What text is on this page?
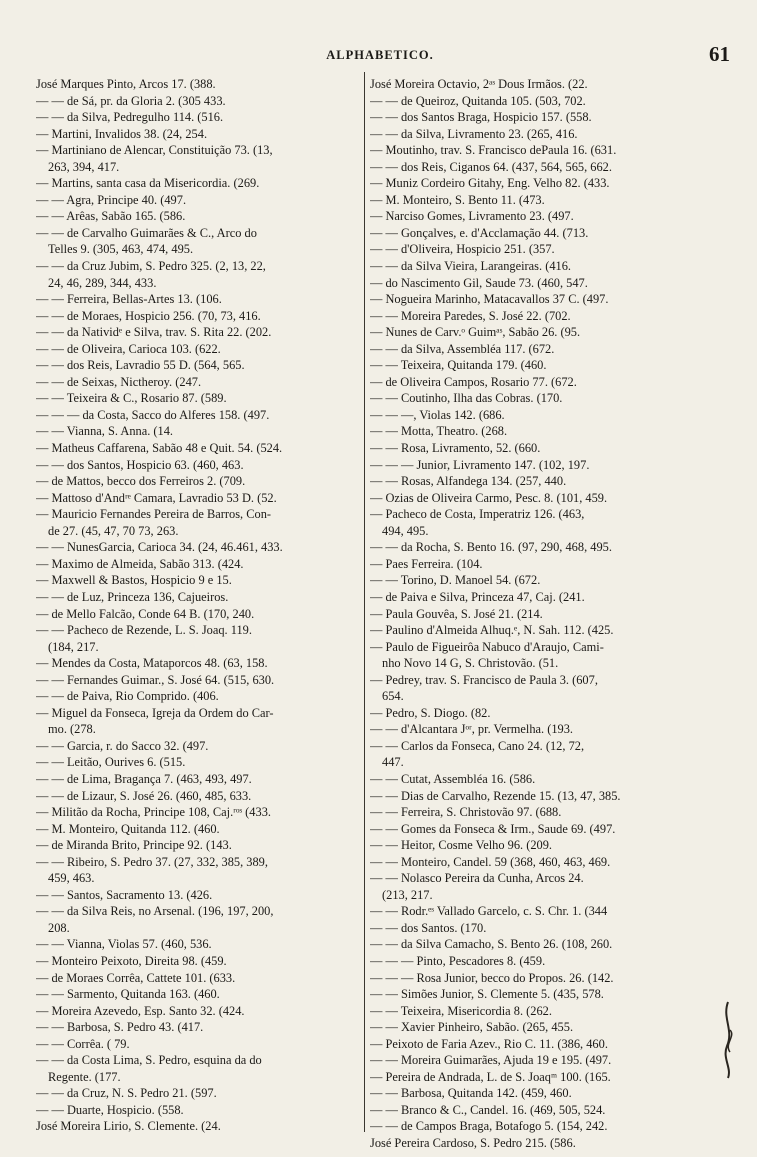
ALPHABETICO.	61
José Marques Pinto, Arcos 17. (388.
— — de Sá, pr. da Gloria 2. (305 433.
— — da Silva, Pedregulho 114. (516.
— Martini, Invalidos 38. (24, 254.
— Martiniano de Alencar, Constituição 73. (13,
263, 394, 417.
— Martins, santa casa da Misericordia. (269.
— — Agra, Principe 40. (497.
— — Arêas, Sabão 165. (586.
— — de Carvalho Guimarães & C., Arco do
Telles 9. (305, 463, 474, 495.
— — da Cruz Jubim, S. Pedro 325. (2, 13, 22,
24, 46, 289, 344, 433.
— — Ferreira, Bellas-Artes 13. (106.
— — de Moraes, Hospicio 256. (70, 73, 416.
— — da Natividᵉ e Silva, trav. S. Rita 22. (202.
— — de Oliveira, Carioca 103. (622.
— — dos Reis, Lavradio 55 D. (564, 565.
— — de Seixas, Nictheroy. (247.
— — Teixeira & C., Rosario 87. (589.
— — — da Costa, Sacco do Alferes 158. (497.
— — Vianna, S. Anna. (14.
— Matheus Caffarena, Sabão 48 e Quit. 54. (524.
— — dos Santos, Hospicio 63. (460, 463.
— de Mattos, becco dos Ferreiros 2. (709.
— Mattoso d'Andʳᵉ Camara, Lavradio 53 D. (52.
— Mauricio Fernandes Pereira de Barros, Con-
de 27. (45, 47, 70 73, 263.
— — NunesGarcia, Carioca 34. (24, 46.461, 433.
— Maximo de Almeida, Sabão 313. (424.
— Maxwell & Bastos, Hospicio 9 e 15.
— — de Luz, Princeza 136, Cajueiros.
— de Mello Falcão, Conde 64 B. (170, 240.
— — Pacheco de Rezende, L. S. Joaq. 119.
(184, 217.
— Mendes da Costa, Mataporcos 48. (63, 158.
— — Fernandes Guimar., S. José 64. (515, 630.
— — de Paiva, Rio Comprido. (406.
— Miguel da Fonseca, Igreja da Ordem do Car-
mo. (278.
— — Garcia, r. do Sacco 32. (497.
— — Leitão, Ourives 6. (515.
— — de Lima, Bragança 7. (463, 493, 497.
— — de Lizaur, S. José 26. (460, 485, 633.
— Militão da Rocha, Principe 108, Caj.ʳᵒˢ (433.
— M. Monteiro, Quitanda 112. (460.
— de Miranda Brito, Principe 92. (143.
— — Ribeiro, S. Pedro 37. (27, 332, 385, 389,
459, 463.
— — Santos, Sacramento 13. (426.
— — da Silva Reis, no Arsenal. (196, 197, 200,
208.
— — Vianna, Violas 57. (460, 536.
— Monteiro Peixoto, Direita 98. (459.
— de Moraes Corrêa, Cattete 101. (633.
— — Sarmento, Quitanda 163. (460.
— Moreira Azevedo, Esp. Santo 32. (424.
— — Barbosa, S. Pedro 43. (417.
— — Corrêa. ( 79.
— — da Costa Lima, S. Pedro, esquina da do
Regente. (177.
— — da Cruz, N. S. Pedro 21. (597.
— — Duarte, Hospicio. (558.
José Moreira Lirio, S. Clemente. (24.
José Moreira Octavio, 2ᵃˢ Dous Irmãos. (22.
— — de Queiroz, Quitanda 105. (503, 702.
— — dos Santos Braga, Hospicio 157. (558.
— — da Silva, Livramento 23. (265, 416.
— Moutinho, trav. S. Francisco dePaula 16. (631.
— — dos Reis, Ciganos 64. (437, 564, 565, 662.
— Muniz Cordeiro Gitahy, Eng. Velho 82. (433.
— M. Monteiro, S. Bento 11. (473.
— Narciso Gomes, Livramento 23. (497.
— — Gonçalves, e. d'Acclamação 44. (713.
— — d'Oliveira, Hospicio 251. (357.
— — da Silva Vieira, Larangeiras. (416.
— do Nascimento Gil, Saude 73. (460, 547.
— Nogueira Marinho, Matacavallos 37 C. (497.
— — Moreira Paredes, S. José 22. (702.
— Nunes de Carv.ᵒ Guimᵃˢ, Sabão 26. (95.
— — da Silva, Assembléa 117. (672.
— — Teixeira, Quitanda 179. (460.
— de Oliveira Campos, Rosario 77. (672.
— — Coutinho, Ilha das Cobras. (170.
— — —, Violas 142. (686.
— — Motta, Theatro. (268.
— — Rosa, Livramento, 52. (660.
— — — Junior, Livramento 147. (102, 197.
— — Rosas, Alfandega 134. (257, 440.
— Ozias de Oliveira Carmo, Pesc. 8. (101, 459.
— Pacheco de Costa, Imperatriz 126. (463,
494, 495.
— — da Rocha, S. Bento 16. (97, 290, 468, 495.
— Paes Ferreira. (104.
— — Torino, D. Manoel 54. (672.
— de Paiva e Silva, Princeza 47, Caj. (241.
— Paula Gouvêa, S. José 21. (214.
— Paulino d'Almeida Alhuq.ᵉ, N. Sah. 112. (425.
— Paulo de Figueirôa Nabuco d'Araujo, Cami-
nho Novo 14 G, S. Christovão. (51.
— Pedrey, trav. S. Francisco de Paula 3. (607,
654.
— Pedro, S. Diogo. (82.
— — d'Alcantara Jᵒʳ, pr. Vermelha. (193.
— — Carlos da Fonseca, Cano 24. (12, 72,
447.
— — Cutat, Assembléa 16. (586.
— — Dias de Carvalho, Rezende 15. (13, 47, 385.
— — Ferreira, S. Christovão 97. (688.
— — Gomes da Fonseca & Irm., Saude 69. (497.
— — Heitor, Cosme Velho 96. (209.
— — Monteiro, Candel. 59 (368, 460, 463, 469.
— — Nolasco Pereira da Cunha, Arcos 24.
(213, 217.
— — Rodr.ᵉˢ Vallado Garcelo, c. S. Chr. 1. (344
— — dos Santos. (170.
— — da Silva Camacho, S. Bento 26. (108, 260.
— — — Pinto, Pescadores 8. (459.
— — — Rosa Junior, becco do Propos. 26. (142.
— — Simões Junior, S. Clemente 5. (435, 578.
— — Teixeira, Misericordia 8. (262.
— — Xavier Pinheiro, Sabão. (265, 455.
— Peixoto de Faria Azev., Rio C. 11. (386, 460.
— — Moreira Guimarães, Ajuda 19 e 195. (497.
— Pereira de Andrada, L. de S. Joaqᵐ 100. (165.
— — Barbosa, Quitanda 142. (459, 460.
— — Branco & C., Candel. 16. (469, 505, 524.
— — de Campos Braga, Botafogo 5. (154, 242.
José Pereira Cardoso, S. Pedro 215. (586.
